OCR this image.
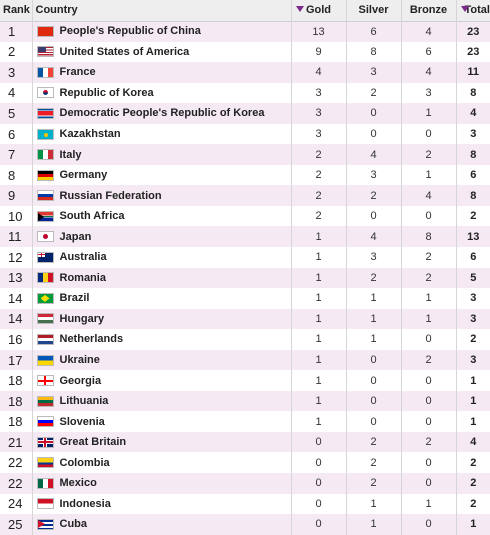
Rank	Country	Gold	Silver	Bronze	Total
1	People's Republic of China	13	6	4	23
2	United States of America	9	8	6	23
3	France	4	3	4	11
4	Republic of Korea	3	2	3	8
5	Democratic People's Republic of Korea	3	0	1	4
6	Kazakhstan	3	0	0	3
7	Italy	2	4	2	8
8	Germany	2	3	1	6
9	Russian Federation	2	2	4	8
10	South Africa	2	0	0	2
11	Japan	1	4	8	13
12	Australia	1	3	2	6
13	Romania	1	2	2	5
14	Brazil	1	1	1	3
14	Hungary	1	1	1	3
16	Netherlands	1	1	0	2
17	Ukraine	1	0	2	3
18	Georgia	1	0	0	1
18	Lithuania	1	0	0	1
18	Slovenia	1	0	0	1
21	Great Britain	0	2	2	4
22	Colombia	0	2	0	2
22	Mexico	0	2	0	2
24	Indonesia	0	1	1	2
25	Cuba	0	1	0	1
